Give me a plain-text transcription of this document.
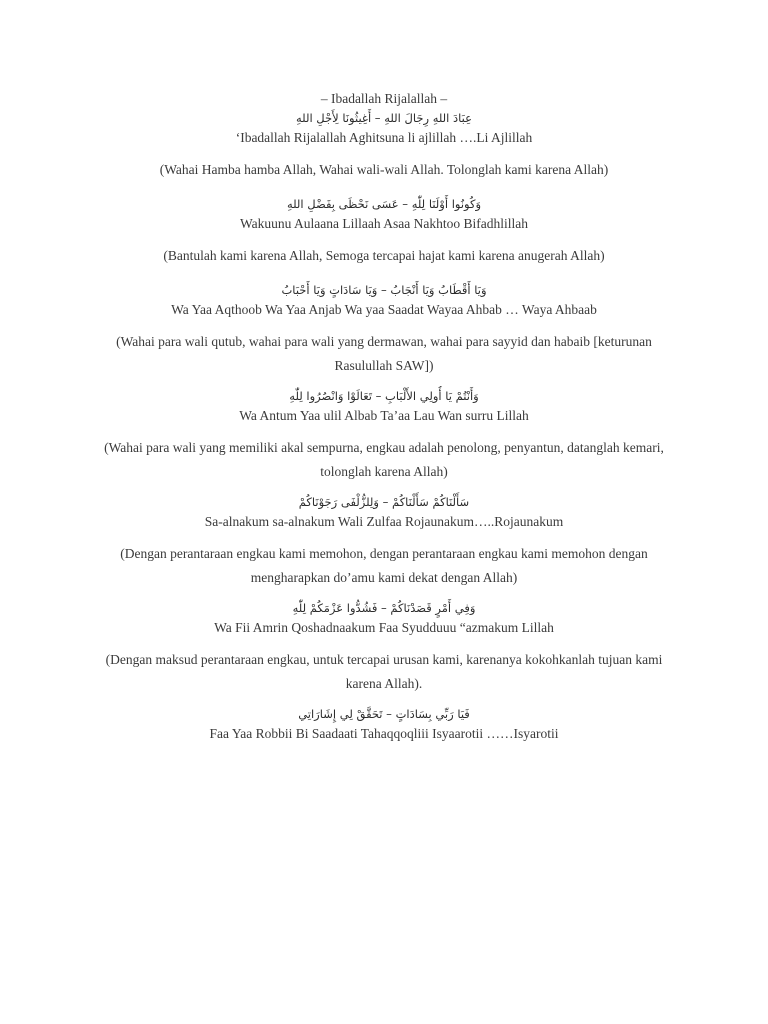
– Ibadallah Rijalallah –

عِبَادَ اللهِ رِجَالَ اللهِ – أَغِيثُونَا لِأَجْلِ اللهِ

‘Ibadallah Rijalallah Aghitsuna li ajlillah ….Li Ajlillah

(Wahai Hamba hamba Allah, Wahai wali-wali Allah. Tolonglah kami karena Allah)

وَكُونُوا أَوْلَنَا لِلّٰهِ – عَسَى نَحْظَى بِفَضْلِ اللهِ

Wakuunu Aulaana Lillaah Asaa Nakhtoo Bifadhlillah

(Bantulah kami karena Allah, Semoga tercapai hajat kami karena anugerah Allah)

وَيَا أَقْطَابُ وَيَا أَنْجَابُ – وَيَا سَادَاتٍ وَيَا أَحْبَابُ

Wa Yaa Aqthoob Wa Yaa Anjab Wa yaa Saadat Wayaa Ahbab … Waya Ahbaab

(Wahai para wali qutub, wahai para wali yang dermawan, wahai para sayyid dan habaib [keturunan Rasulullah SAW])

وَأَنْتُمْ يَا أُولِي الأَلْبَابِ – تَعَالَوْا وَانْصُرُوا لِلّٰهِ

Wa Antum Yaa ulil Albab Ta’aa Lau Wan surru Lillah

(Wahai para wali yang memiliki akal sempurna, engkau adalah penolong, penyantun, datanglah kemari, tolonglah karena Allah)

سَأَلْنَاكُمْ سَأَلْنَاكُمْ – وَلِلزُّلْفَى رَجَوْنَاكُمْ

Sa-alnakum sa-alnakum Wali Zulfaa Rojaunakum…..Rojaunakum

(Dengan perantaraan engkau kami memohon, dengan perantaraan engkau kami memohon dengan mengharapkan do’amu kami dekat dengan Allah)

وَفِي أَمْرٍ قَصَدْنَاكُمْ – فَشُدُّوا عَزْمَكُمْ لِلّٰهِ

Wa Fii Amrin Qoshadnaakum Faa Syudduuu “azmakum Lillah

(Dengan maksud perantaraan engkau, untuk tercapai urusan kami, karenanya kokohkanlah tujuan kami karena Allah).

فَيَا رَبِّي بِسَادَاتٍ – تَحَقَّقْ لِي إِشَارَاتِي

Faa Yaa Robbii Bi Saadaati Tahaqqoqliii Isyaarotii ……Isyarotii
